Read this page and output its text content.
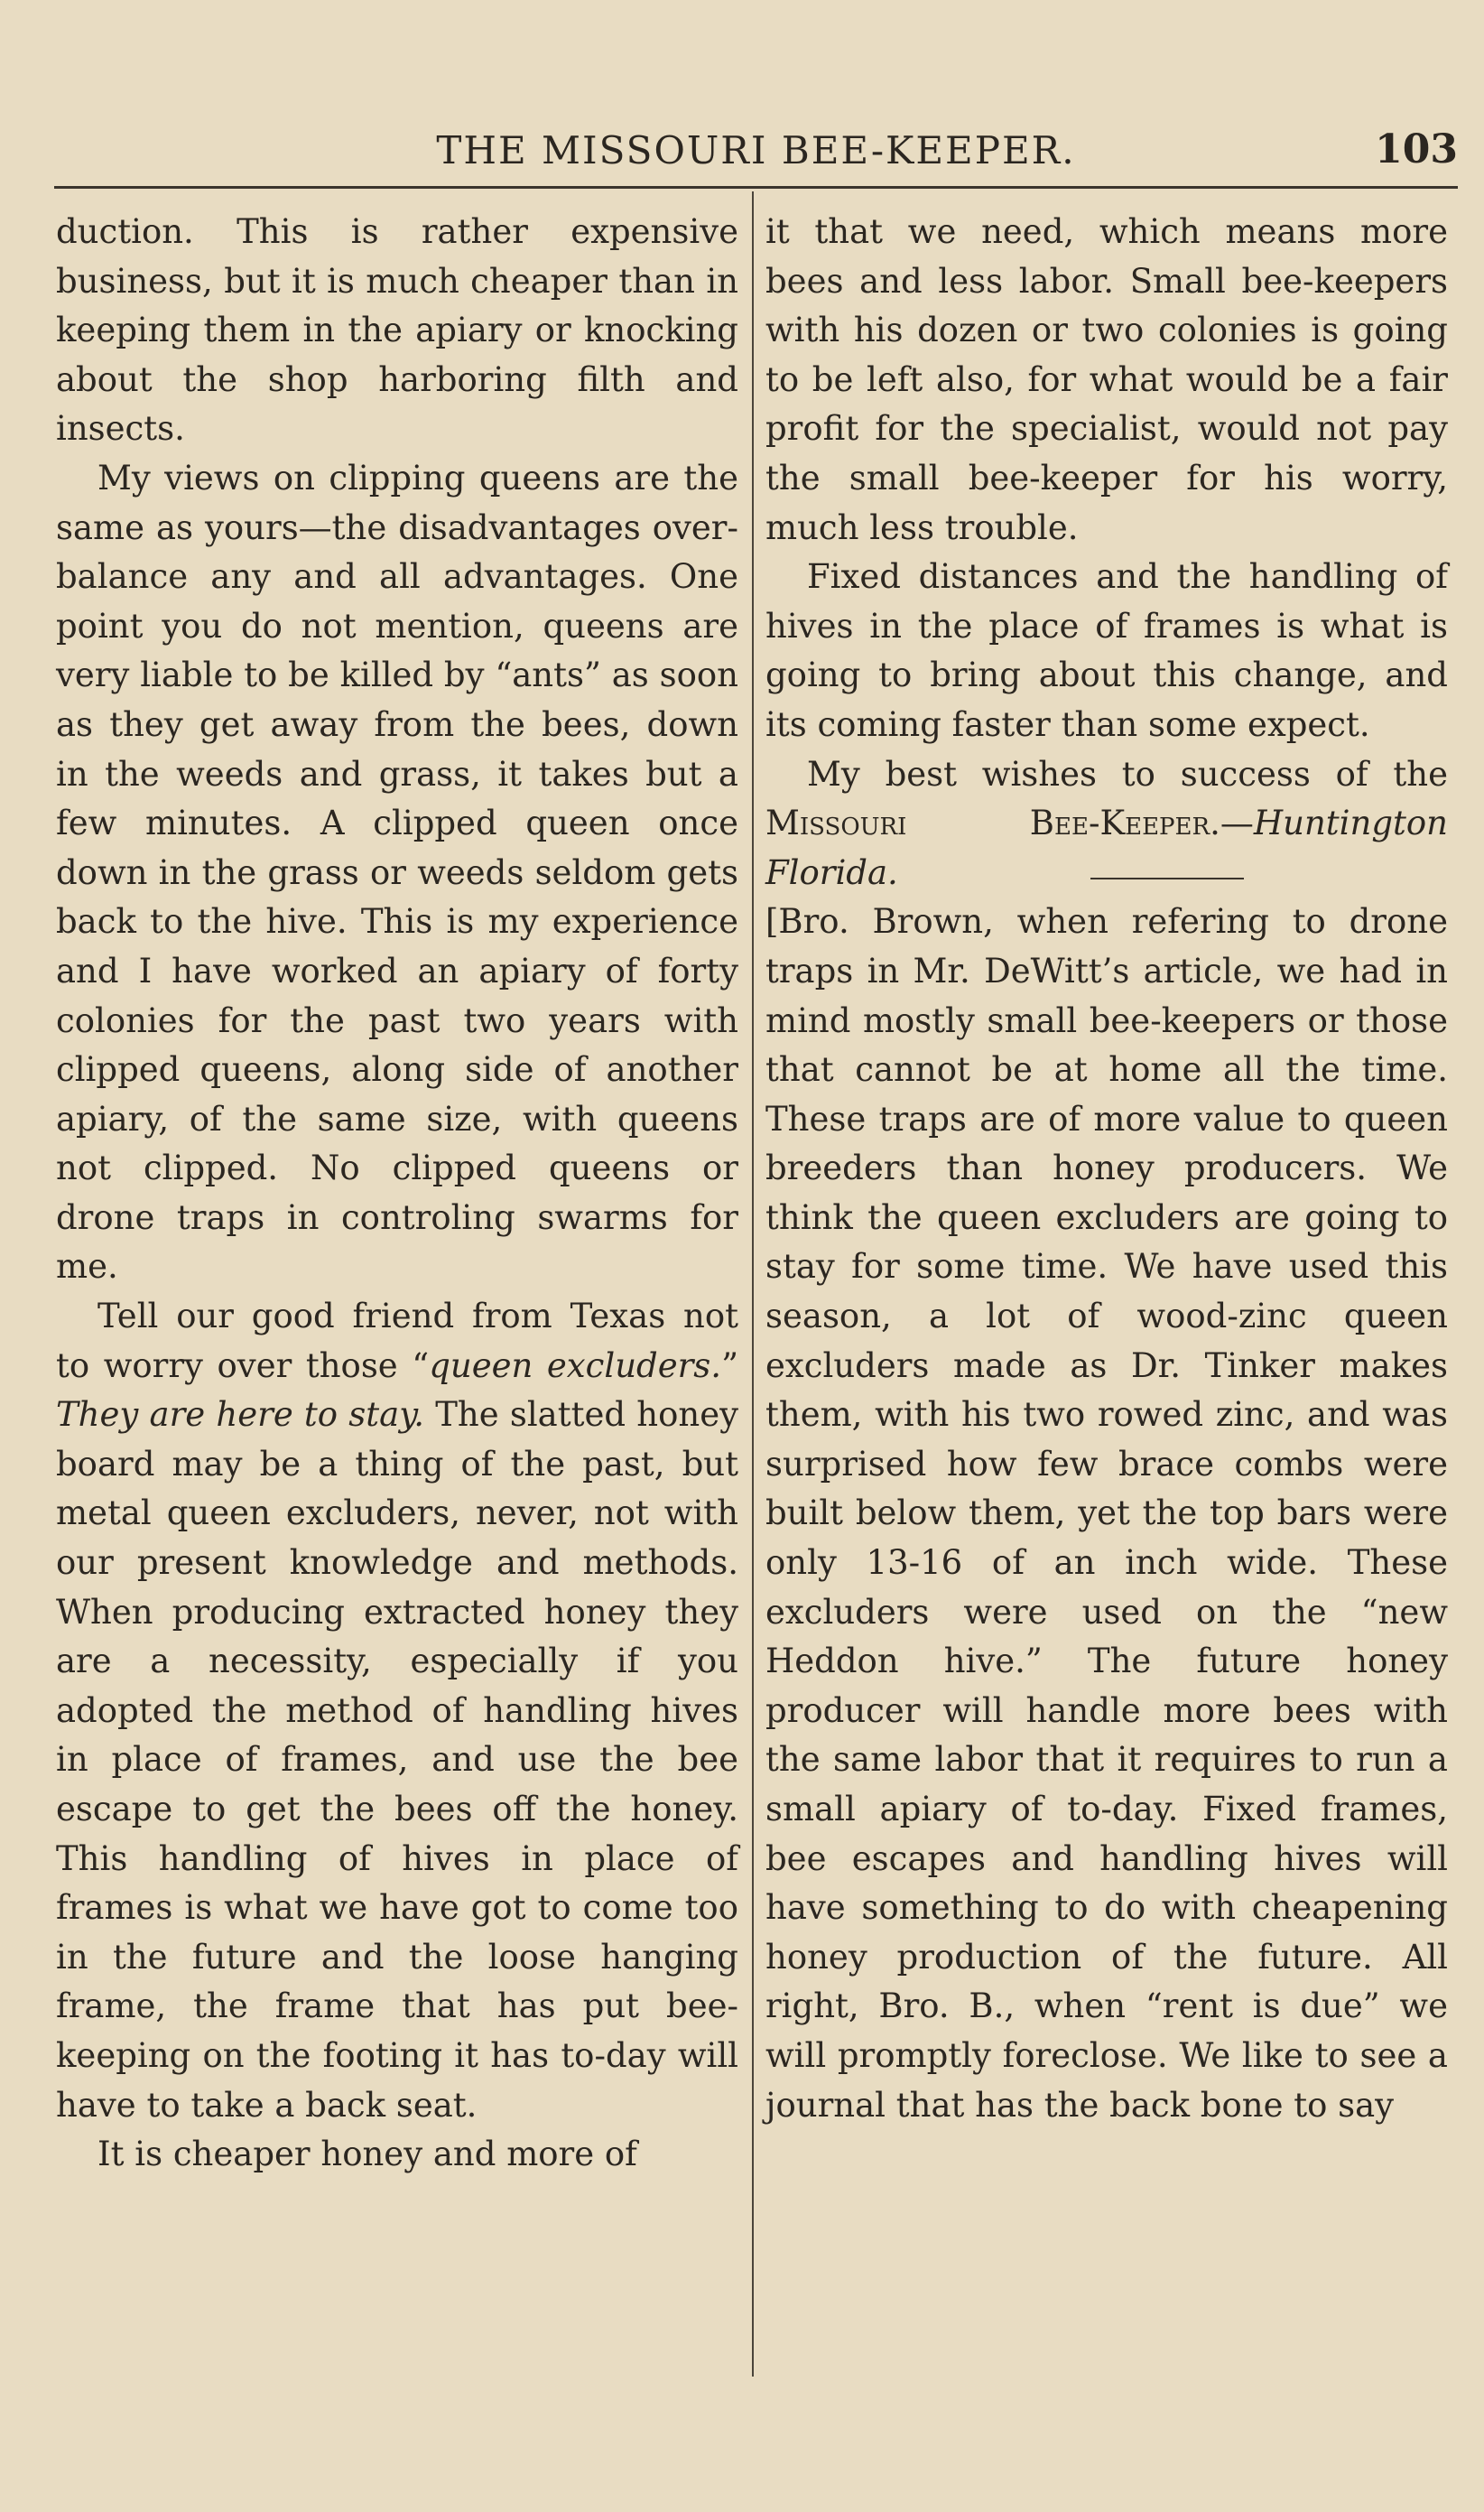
THE MISSOURI BEE-KEEPER.	103

duction. This is rather expensive business, but it is much cheaper than in keeping them in the apiary or knocking about the shop harboring filth and insects.

My views on clipping queens are the same as yours—the disadvantages over-balance any and all advantages. One point you do not mention, queens are very liable to be killed by “ants” as soon as they get away from the bees, down in the weeds and grass, it takes but a few minutes. A clipped queen once down in the grass or weeds seldom gets back to the hive. This is my experience and I have worked an apiary of forty colonies for the past two years with clipped queens, along side of another apiary, of the same size, with queens not clipped. No clipped queens or drone traps in controling swarms for me.

Tell our good friend from Texas not to worry over those “queen excluders.” They are here to stay. The slatted honey board may be a thing of the past, but metal queen excluders, never, not with our present knowledge and methods. When producing extracted honey they are a necessity, especially if you adopted the method of handling hives in place of frames, and use the bee escape to get the bees off the honey. This handling of hives in place of frames is what we have got to come too in the future and the loose hanging frame, the frame that has put bee-keeping on the footing it has to-day will have to take a back seat.

It is cheaper honey and more of

it that we need, which means more bees and less labor. Small bee-keepers with his dozen or two colonies is going to be left also, for what would be a fair profit for the specialist, would not pay the small bee-keeper for his worry, much less trouble.

Fixed distances and the handling of hives in the place of frames is what is going to bring about this change, and its coming faster than some expect.

My best wishes to success of the Missouri Bee-Keeper.—Huntington Florida.

[Bro. Brown, when refering to drone traps in Mr. DeWitt’s article, we had in mind mostly small bee-keepers or those that cannot be at home all the time. These traps are of more value to queen breeders than honey producers. We think the queen excluders are going to stay for some time. We have used this season, a lot of wood-zinc queen excluders made as Dr. Tinker makes them, with his two rowed zinc, and was surprised how few brace combs were built below them, yet the top bars were only 13-16 of an inch wide. These excluders were used on the “new Heddon hive.” The future honey producer will handle more bees with the same labor that it requires to run a small apiary of to-day. Fixed frames, bee escapes and handling hives will have something to do with cheapening honey production of the future. All right, Bro. B., when “rent is due” we will promptly foreclose. We like to see a journal that has the back bone to say
